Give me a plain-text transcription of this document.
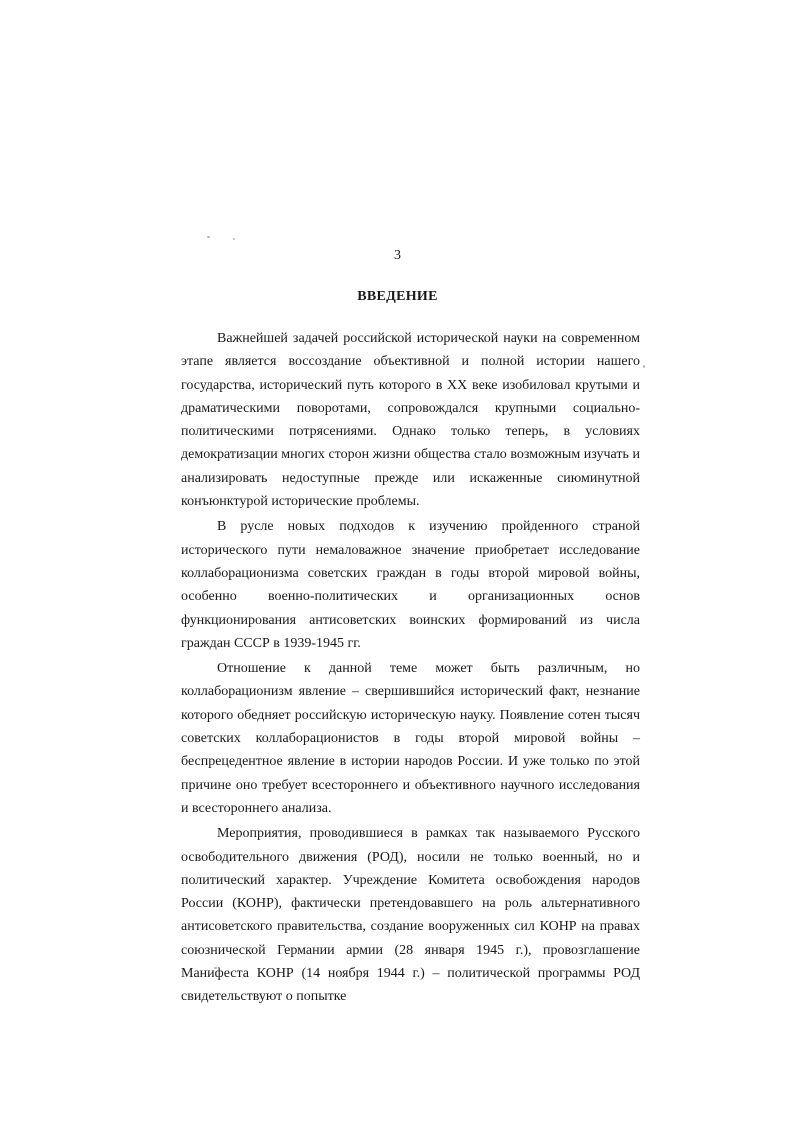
3
ВВЕДЕНИЕ

Важнейшей задачей российской исторической науки на современном этапе является воссоздание объективной и полной истории нашего государства, исторический путь которого в XX веке изобиловал крутыми и драматическими поворотами, сопровождался крупными социально-политическими потрясениями. Однако только теперь, в условиях демократизации многих сторон жизни общества стало возможным изучать и анализировать недоступные прежде или искаженные сиюминутной конъюнктурой исторические проблемы.

В русле новых подходов к изучению пройденного страной исторического пути немаловажное значение приобретает исследование коллаборационизма советских граждан в годы второй мировой войны, особенно военно-политических и организационных основ функционирования антисоветских воинских формирований из числа граждан СССР в 1939-1945 гг.

Отношение к данной теме может быть различным, но коллаборационизм явление – свершившийся исторический факт, незнание которого обедняет российскую историческую науку. Появление сотен тысяч советских коллаборационистов в годы второй мировой войны – беспрецедентное явление в истории народов России. И уже только по этой причине оно требует всестороннего и объективного научного исследования и всестороннего анализа.

Мероприятия, проводившиеся в рамках так называемого Русского освободительного движения (РОД), носили не только военный, но и политический характер. Учреждение Комитета освобождения народов России (КОНР), фактически претендовавшего на роль альтернативного антисоветского правительства, создание вооруженных сил КОНР на правах союзнической Германии армии (28 января 1945 г.), провозглашение Манифеста КОНР (14 ноября 1944 г.) – политической программы РОД свидетельствуют о попытке
